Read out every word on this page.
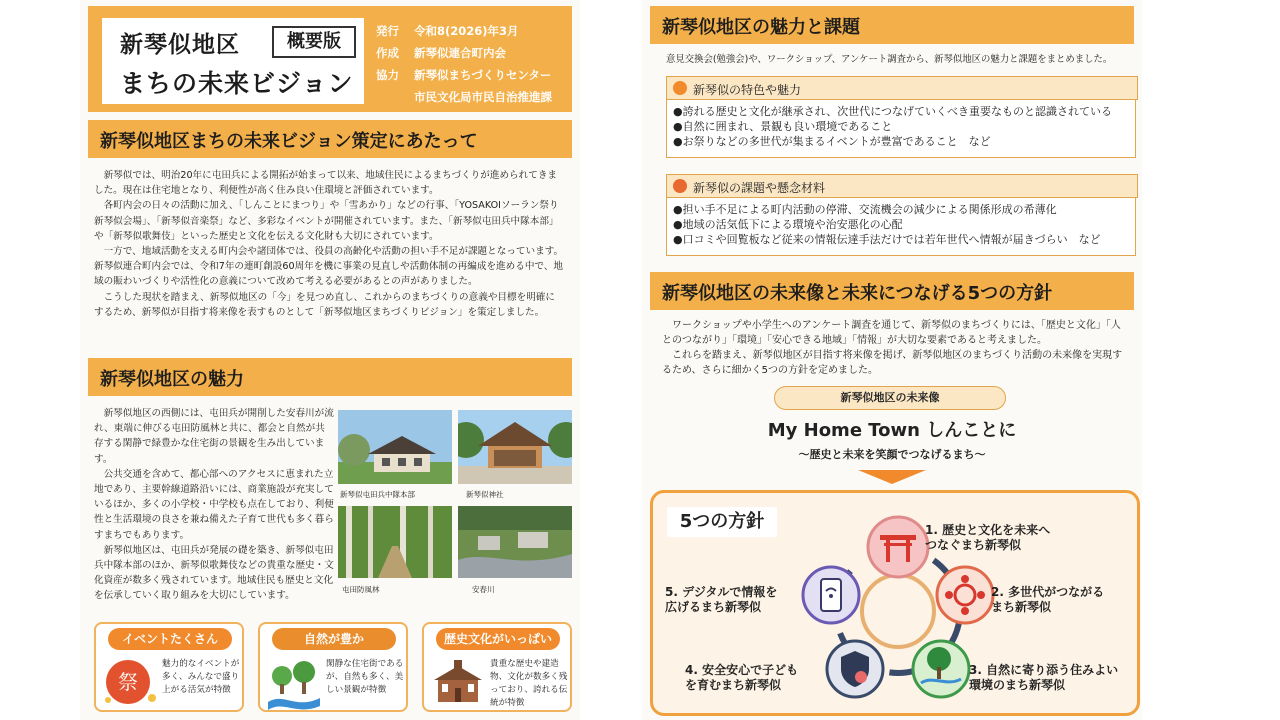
新琴似地区	概要版
まちの未来ビジョン
発行	令和8(2026)年3月
作成	新琴似連合町内会
協力	新琴似まちづくりセンター
市民文化局市民自治推進課
新琴似地区まちの未来ビジョン策定にあたって

新琴似では、明治20年に屯田兵による開拓が始まって以来、地域住民によるまちづくりが進められてきました。現在は住宅地となり、利便性が高く住み良い住環境と評価されています。

各町内会の日々の活動に加え、「しんことにまつり」や「雪あかり」などの行事、「YOSAKOIソーラン祭り新琴似会場」、「新琴似音楽祭」など、多彩なイベントが開催されています。また、「新琴似屯田兵中隊本部」や「新琴似歌舞伎」といった歴史と文化を伝える文化財も大切にされています。

一方で、地域活動を支える町内会や諸団体では、役員の高齢化や活動の担い手不足が課題となっています。新琴似連合町内会では、令和7年の連町創設60周年を機に事業の見直しや活動体制の再編成を進める中で、地域の賑わいづくりや活性化の意義について改めて考える必要があるとの声がありました。

こうした現状を踏まえ、新琴似地区の「今」を見つめ直し、これからのまちづくりの意義や目標を明確にするため、新琴似が目指す将来像を表すものとして「新琴似地区まちづくりビジョン」を策定しました。

新琴似地区の魅力

新琴似地区の西側には、屯田兵が開削した安春川が流れ、東端に伸びる屯田防風林と共に、都会と自然が共存する閑静で緑豊かな住宅街の景観を生み出しています。

公共交通を含めて、都心部へのアクセスに恵まれた立地であり、主要幹線道路沿いには、商業施設が充実しているほか、多くの小学校・中学校も点在しており、利便性と生活環境の良さを兼ね備えた子育て世代も多く暮らすまちでもあります。

新琴似地区は、屯田兵が発展の礎を築き、新琴似屯田兵中隊本部のほか、新琴似歌舞伎などの貴重な歴史・文化資産が数多く残されています。地域住民も歴史と文化を伝承していく取り組みを大切にしています。

新琴似屯田兵中隊本部	新琴似神社
屯田防風林	安春川
イベントたくさん
祭
魅力的なイベントが多く、みんなで盛り上がる活気が特徴
自然が豊か
閑静な住宅街であるが、自然も多く、美しい景観が特徴
歴史文化がいっぱい
貴重な歴史や建造物、文化が数多く残っており、誇れる伝統が特徴
新琴似地区の魅力と課題
意見交換会(勉強会)や、ワークショップ、アンケート調査から、新琴似地区の魅力と課題をまとめました。
新琴似の特色や魅力
●誇れる歴史と文化が継承され、次世代につなげていくべき重要なものと認識されている
●自然に囲まれ、景観も良い環境であること
●お祭りなどの多世代が集まるイベントが豊富であること　など
新琴似の課題や懸念材料
●担い手不足による町内活動の停滞、交流機会の減少による関係形成の希薄化
●地域の活気低下による環境や治安悪化の心配
●口コミや回覧板など従来の情報伝達手法だけでは若年世代へ情報が届きづらい　など
新琴似地区の未来像と未来につなげる5つの方針

ワークショップや小学生へのアンケート調査を通じて、新琴似のまちづくりには、「歴史と文化」「人とのつながり」「環境」「安心できる地域」「情報」が大切な要素であると考えました。

これらを踏まえ、新琴似地区が目指す将来像を掲げ、新琴似地区のまちづくり活動の未来像を実現するため、さらに細かく5つの方針を定めました。

新琴似地区の未来像
My Home Town しんことに
～歴史と未来を笑顔でつなげるまち～
5つの方針	1. 歴史と文化を未来へ
つなぐまち新琴似
2. 多世代がつながる
まち新琴似
3. 自然に寄り添う住みよい
環境のまち新琴似
4. 安全安心で子ども
を育むまち新琴似
5. デジタルで情報を
広げるまち新琴似
